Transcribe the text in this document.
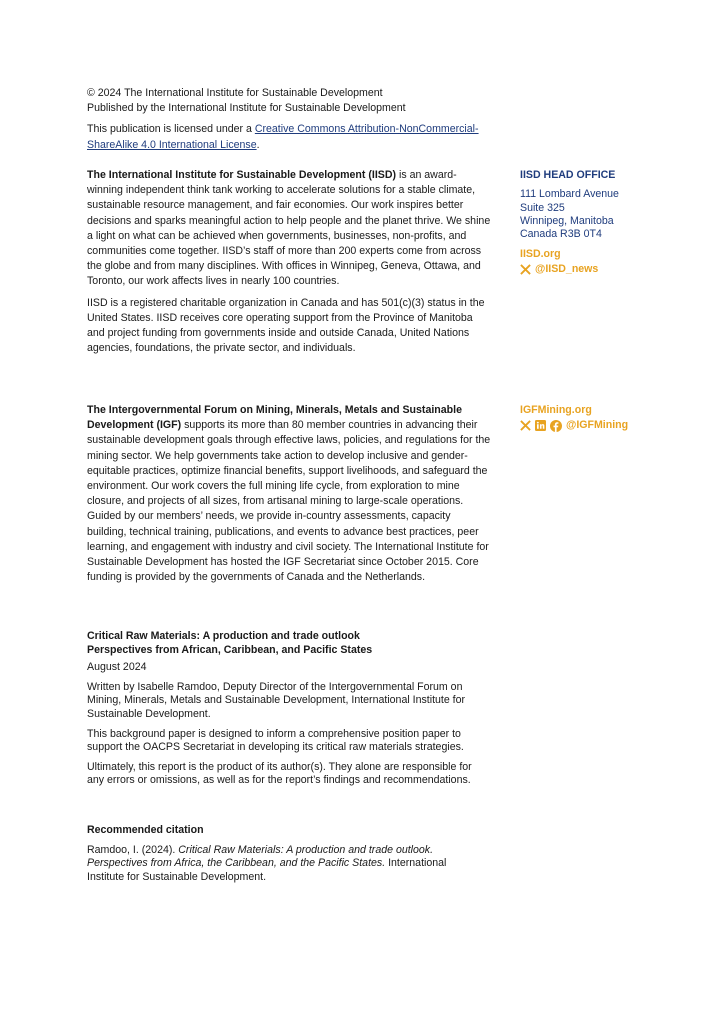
© 2024 The International Institute for Sustainable Development
Published by the International Institute for Sustainable Development
This publication is licensed under a Creative Commons Attribution-NonCommercial-ShareAlike 4.0 International License.

The International Institute for Sustainable Development (IISD) is an award-winning independent think tank working to accelerate solutions for a stable climate, sustainable resource management, and fair economies. Our work inspires better decisions and sparks meaningful action to help people and the planet thrive. We shine a light on what can be achieved when governments, businesses, non-profits, and communities come together. IISD’s staff of more than 200 experts come from across the globe and from many disciplines. With offices in Winnipeg, Geneva, Ottawa, and Toronto, our work affects lives in nearly 100 countries.

IISD is a registered charitable organization in Canada and has 501(c)(3) status in the United States. IISD receives core operating support from the Province of Manitoba and project funding from governments inside and outside Canada, United Nations agencies, foundations, the private sector, and individuals.

IISD HEAD OFFICE
111 Lombard Avenue
Suite 325
Winnipeg, Manitoba
Canada R3B 0T4
IISD.org
@IISD_news

The Intergovernmental Forum on Mining, Minerals, Metals and Sustainable Development (IGF) supports its more than 80 member countries in advancing their sustainable development goals through effective laws, policies, and regulations for the mining sector. We help governments take action to develop inclusive and gender-equitable practices, optimize financial benefits, support livelihoods, and safeguard the environment. Our work covers the full mining life cycle, from exploration to mine closure, and projects of all sizes, from artisanal mining to large-scale operations. Guided by our members’ needs, we provide in-country assessments, capacity building, technical training, publications, and events to advance best practices, peer learning, and engagement with industry and civil society. The International Institute for Sustainable Development has hosted the IGF Secretariat since October 2015. Core funding is provided by the governments of Canada and the Netherlands.

IGFMining.org
@IGFMining
Critical Raw Materials: A production and trade outlook
Perspectives from African, Caribbean, and Pacific States

August 2024

Written by Isabelle Ramdoo, Deputy Director of the Intergovernmental Forum on Mining, Minerals, Metals and Sustainable Development, International Institute for Sustainable Development.

This background paper is designed to inform a comprehensive position paper to support the OACPS Secretariat in developing its critical raw materials strategies.

Ultimately, this report is the product of its author(s). They alone are responsible for any errors or omissions, as well as for the report’s findings and recommendations.

Recommended citation
Ramdoo, I. (2024). Critical Raw Materials: A production and trade outlook. Perspectives from Africa, the Caribbean, and the Pacific States. International Institute for Sustainable Development.
